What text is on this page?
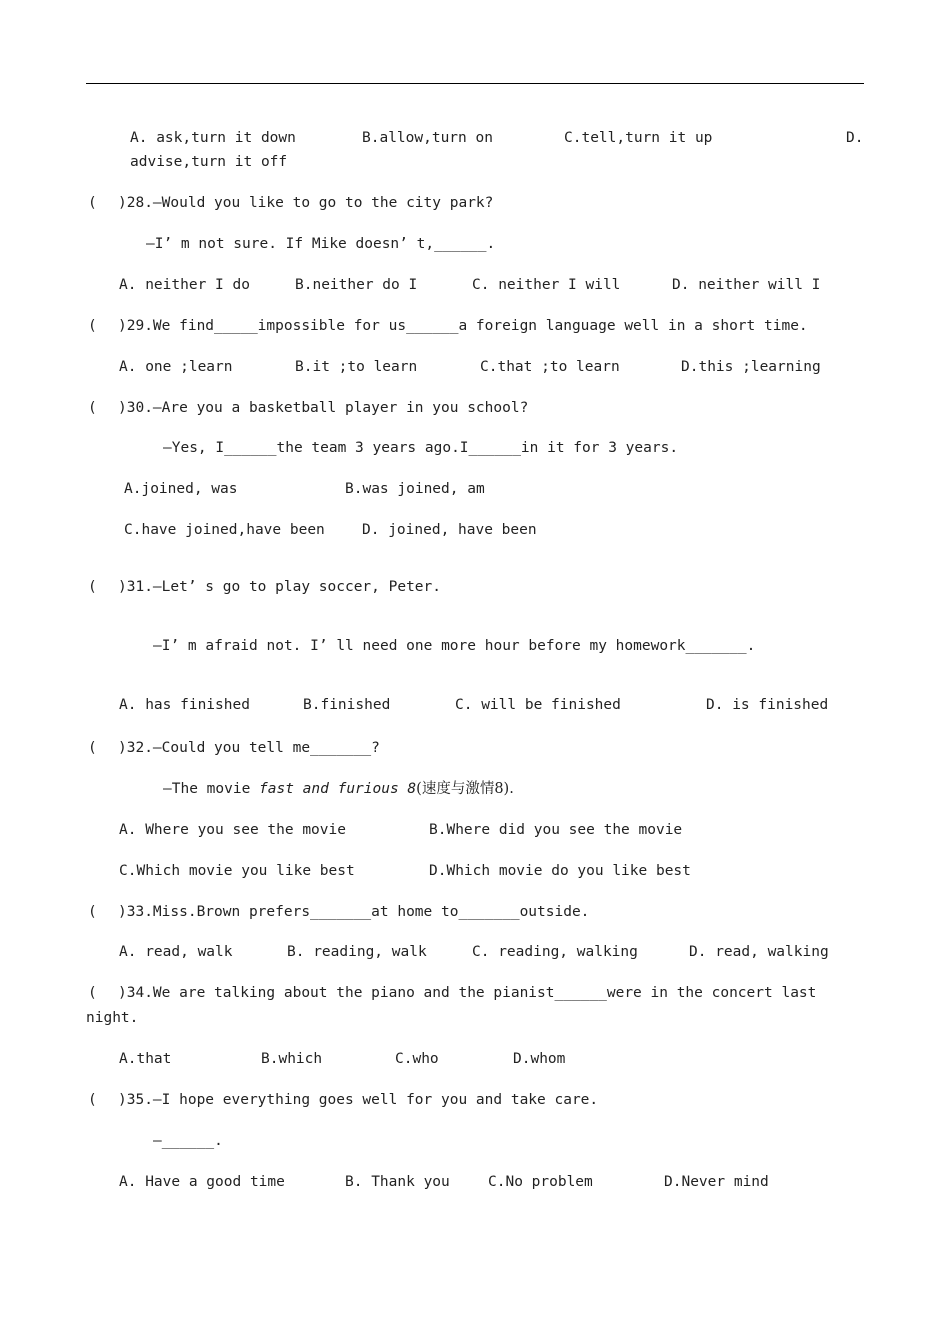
A. ask,turn it down	B.allow,turn on	C.tell,turn it up	D.
advise,turn it off
( )28.—Would you like to go to the city park?
—I’ m not sure. If Mike doesn’ t,______.
A. neither I do	B.neither do I	C. neither I will	D. neither will I
( )29.We find_____impossible for us______a foreign language well in a short time.
A. one ;learn	B.it ;to learn	C.that ;to learn	D.this ;learning
( )30.—Are you a basketball player in you school?
—Yes, I______the team 3 years ago.I______in it for 3 years.
A.joined, was	B.was joined, am
C.have joined,have been	D. joined, have been
( )31.—Let’ s go to play soccer, Peter.
—I’ m afraid not. I’ ll need one more hour before my homework_______.
A. has finished	B.finished	C. will be finished	D. is finished
( )32.—Could you tell me_______?
—The movie fast and furious 8(速度与激情8).
A. Where you see the movie	B.Where did you see the movie
C.Which movie you like best	D.Which movie do you like best
( )33.Miss.Brown prefers_______at home to_______outside.
A. read, walk	B. reading, walk	C. reading, walking	D. read, walking
( )34.We are talking about the piano and the pianist______were in the concert last
night.
A.that	B.which	C.who	D.whom
( )35.—I hope everything goes well for you and take care.
—______.
A. Have a good time	B. Thank you	C.No problem	D.Never mind
